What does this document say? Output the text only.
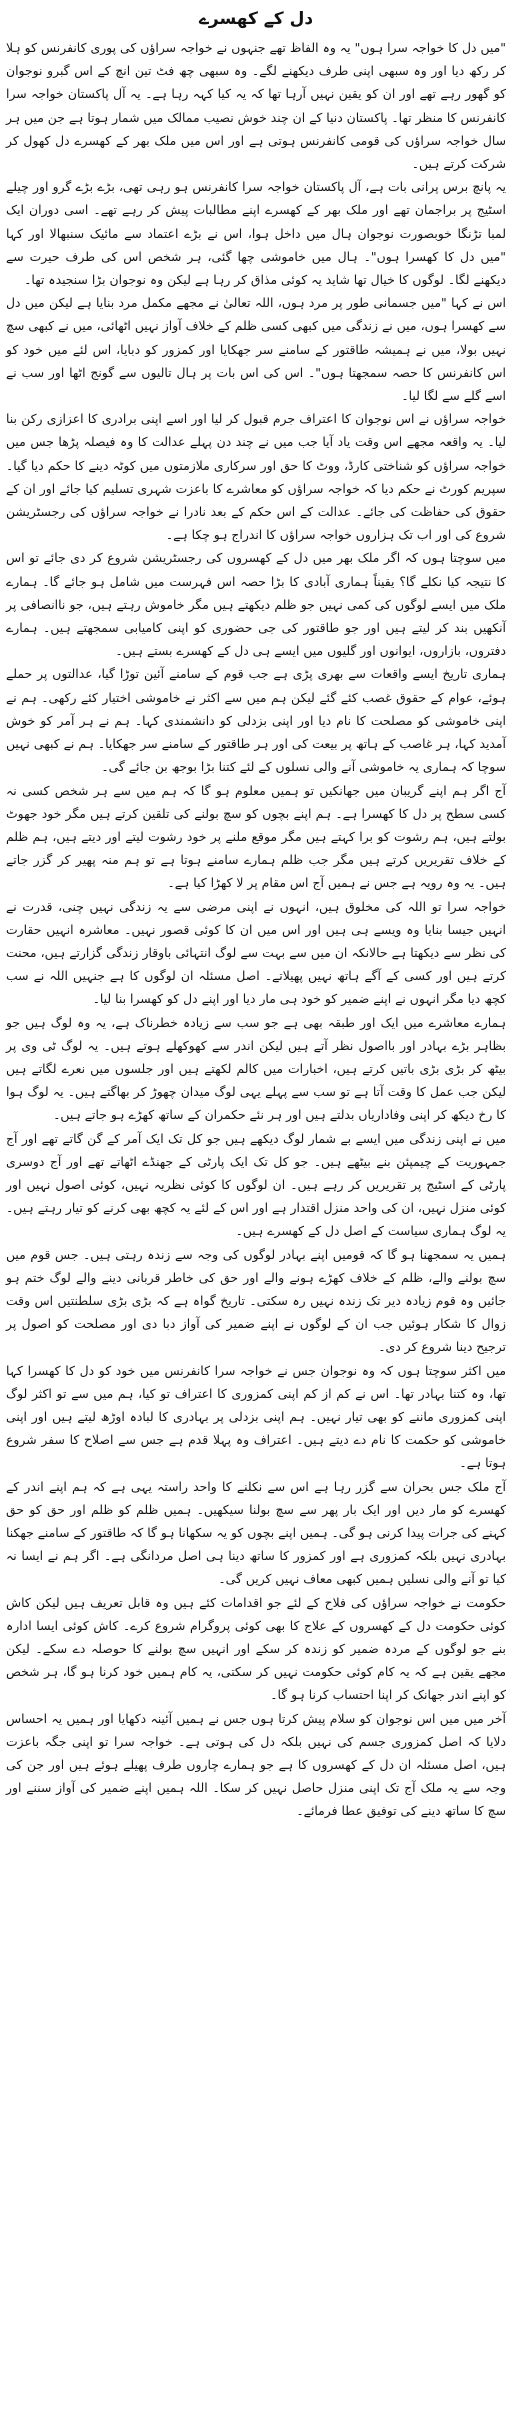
دل کے کھسرے

"میں دل کا خواجہ سرا ہوں" یہ وہ الفاظ تھے جنہوں نے خواجہ سراؤں کی پوری کانفرنس کو ہلا کر رکھ دیا اور وہ سبھی اپنی طرف دیکھنے لگے۔ وہ سبھی چھ فٹ تین انچ کے اس گبرو نوجوان کو گھور رہے تھے اور ان کو یقین نہیں آرہا تھا کہ یہ کیا کہہ رہا ہے۔ یہ آل پاکستان خواجہ سرا کانفرنس کا منظر تھا۔ پاکستان دنیا کے ان چند خوش نصیب ممالک میں شمار ہوتا ہے جن میں ہر سال خواجہ سراؤں کی قومی کانفرنس ہوتی ہے اور اس میں ملک بھر کے کھسرے دل کھول کر شرکت کرتے ہیں۔

یہ پانچ برس پرانی بات ہے، آل پاکستان خواجہ سرا کانفرنس ہو رہی تھی، بڑے بڑے گرو اور چیلے اسٹیج پر براجمان تھے اور ملک بھر کے کھسرے اپنے مطالبات پیش کر رہے تھے۔ اسی دوران ایک لمبا تڑنگا خوبصورت نوجوان ہال میں داخل ہوا، اس نے بڑے اعتماد سے مائیک سنبھالا اور کہا "میں دل کا کھسرا ہوں"۔ ہال میں خاموشی چھا گئی، ہر شخص اس کی طرف حیرت سے دیکھنے لگا۔ لوگوں کا خیال تھا شاید یہ کوئی مذاق کر رہا ہے لیکن وہ نوجوان بڑا سنجیدہ تھا۔

اس نے کہا "میں جسمانی طور پر مرد ہوں، اللہ تعالیٰ نے مجھے مکمل مرد بنایا ہے لیکن میں دل سے کھسرا ہوں، میں نے زندگی میں کبھی کسی ظلم کے خلاف آواز نہیں اٹھائی، میں نے کبھی سچ نہیں بولا، میں نے ہمیشہ طاقتور کے سامنے سر جھکایا اور کمزور کو دبایا، اس لئے میں خود کو اس کانفرنس کا حصہ سمجھتا ہوں"۔ اس کی اس بات پر ہال تالیوں سے گونج اٹھا اور سب نے اسے گلے سے لگا لیا۔

خواجہ سراؤں نے اس نوجوان کا اعتراف جرم قبول کر لیا اور اسے اپنی برادری کا اعزازی رکن بنا لیا۔ یہ واقعہ مجھے اس وقت یاد آیا جب میں نے چند دن پہلے عدالت کا وہ فیصلہ پڑھا جس میں خواجہ سراؤں کو شناختی کارڈ، ووٹ کا حق اور سرکاری ملازمتوں میں کوٹہ دینے کا حکم دیا گیا۔ سپریم کورٹ نے حکم دیا کہ خواجہ سراؤں کو معاشرے کا باعزت شہری تسلیم کیا جائے اور ان کے حقوق کی حفاظت کی جائے۔ عدالت کے اس حکم کے بعد نادرا نے خواجہ سراؤں کی رجسٹریشن شروع کی اور اب تک ہزاروں خواجہ سراؤں کا اندراج ہو چکا ہے۔

میں سوچتا ہوں کہ اگر ملک بھر میں دل کے کھسروں کی رجسٹریشن شروع کر دی جائے تو اس کا نتیجہ کیا نکلے گا؟ یقیناً ہماری آبادی کا بڑا حصہ اس فہرست میں شامل ہو جائے گا۔ ہمارے ملک میں ایسے لوگوں کی کمی نہیں جو ظلم دیکھتے ہیں مگر خاموش رہتے ہیں، جو ناانصافی پر آنکھیں بند کر لیتے ہیں اور جو طاقتور کی جی حضوری کو اپنی کامیابی سمجھتے ہیں۔ ہمارے دفتروں، بازاروں، ایوانوں اور گلیوں میں ایسے ہی دل کے کھسرے بستے ہیں۔

ہماری تاریخ ایسے واقعات سے بھری پڑی ہے جب قوم کے سامنے آئین توڑا گیا، عدالتوں پر حملے ہوئے، عوام کے حقوق غصب کئے گئے لیکن ہم میں سے اکثر نے خاموشی اختیار کئے رکھی۔ ہم نے اپنی خاموشی کو مصلحت کا نام دیا اور اپنی بزدلی کو دانشمندی کہا۔ ہم نے ہر آمر کو خوش آمدید کہا، ہر غاصب کے ہاتھ پر بیعت کی اور ہر طاقتور کے سامنے سر جھکایا۔ ہم نے کبھی نہیں سوچا کہ ہماری یہ خاموشی آنے والی نسلوں کے لئے کتنا بڑا بوجھ بن جائے گی۔

آج اگر ہم اپنے گریبان میں جھانکیں تو ہمیں معلوم ہو گا کہ ہم میں سے ہر شخص کسی نہ کسی سطح پر دل کا کھسرا ہے۔ ہم اپنے بچوں کو سچ بولنے کی تلقین کرتے ہیں مگر خود جھوٹ بولتے ہیں، ہم رشوت کو برا کہتے ہیں مگر موقع ملنے پر خود رشوت لیتے اور دیتے ہیں، ہم ظلم کے خلاف تقریریں کرتے ہیں مگر جب ظلم ہمارے سامنے ہوتا ہے تو ہم منہ پھیر کر گزر جاتے ہیں۔ یہ وہ رویہ ہے جس نے ہمیں آج اس مقام پر لا کھڑا کیا ہے۔

خواجہ سرا تو اللہ کی مخلوق ہیں، انہوں نے اپنی مرضی سے یہ زندگی نہیں چنی، قدرت نے انہیں جیسا بنایا وہ ویسے ہی ہیں اور اس میں ان کا کوئی قصور نہیں۔ معاشرہ انہیں حقارت کی نظر سے دیکھتا ہے حالانکہ ان میں سے بہت سے لوگ انتہائی باوقار زندگی گزارتے ہیں، محنت کرتے ہیں اور کسی کے آگے ہاتھ نہیں پھیلاتے۔ اصل مسئلہ ان لوگوں کا ہے جنہیں اللہ نے سب کچھ دیا مگر انہوں نے اپنے ضمیر کو خود ہی مار دیا اور اپنے دل کو کھسرا بنا لیا۔

ہمارے معاشرے میں ایک اور طبقہ بھی ہے جو سب سے زیادہ خطرناک ہے، یہ وہ لوگ ہیں جو بظاہر بڑے بہادر اور بااصول نظر آتے ہیں لیکن اندر سے کھوکھلے ہوتے ہیں۔ یہ لوگ ٹی وی پر بیٹھ کر بڑی بڑی باتیں کرتے ہیں، اخبارات میں کالم لکھتے ہیں اور جلسوں میں نعرے لگاتے ہیں لیکن جب عمل کا وقت آتا ہے تو سب سے پہلے یہی لوگ میدان چھوڑ کر بھاگتے ہیں۔ یہ لوگ ہوا کا رخ دیکھ کر اپنی وفاداریاں بدلتے ہیں اور ہر نئے حکمران کے ساتھ کھڑے ہو جاتے ہیں۔

میں نے اپنی زندگی میں ایسے بے شمار لوگ دیکھے ہیں جو کل تک ایک آمر کے گن گاتے تھے اور آج جمہوریت کے چیمپئن بنے بیٹھے ہیں۔ جو کل تک ایک پارٹی کے جھنڈے اٹھاتے تھے اور آج دوسری پارٹی کے اسٹیج پر تقریریں کر رہے ہیں۔ ان لوگوں کا کوئی نظریہ نہیں، کوئی اصول نہیں اور کوئی منزل نہیں، ان کی واحد منزل اقتدار ہے اور اس کے لئے یہ کچھ بھی کرنے کو تیار رہتے ہیں۔ یہ لوگ ہماری سیاست کے اصل دل کے کھسرے ہیں۔

ہمیں یہ سمجھنا ہو گا کہ قومیں اپنے بہادر لوگوں کی وجہ سے زندہ رہتی ہیں۔ جس قوم میں سچ بولنے والے، ظلم کے خلاف کھڑے ہونے والے اور حق کی خاطر قربانی دینے والے لوگ ختم ہو جائیں وہ قوم زیادہ دیر تک زندہ نہیں رہ سکتی۔ تاریخ گواہ ہے کہ بڑی بڑی سلطنتیں اس وقت زوال کا شکار ہوئیں جب ان کے لوگوں نے اپنے ضمیر کی آواز دبا دی اور مصلحت کو اصول پر ترجیح دینا شروع کر دی۔

میں اکثر سوچتا ہوں کہ وہ نوجوان جس نے خواجہ سرا کانفرنس میں خود کو دل کا کھسرا کہا تھا، وہ کتنا بہادر تھا۔ اس نے کم از کم اپنی کمزوری کا اعتراف تو کیا، ہم میں سے تو اکثر لوگ اپنی کمزوری ماننے کو بھی تیار نہیں۔ ہم اپنی بزدلی پر بہادری کا لبادہ اوڑھ لیتے ہیں اور اپنی خاموشی کو حکمت کا نام دے دیتے ہیں۔ اعتراف وہ پہلا قدم ہے جس سے اصلاح کا سفر شروع ہوتا ہے۔

آج ملک جس بحران سے گزر رہا ہے اس سے نکلنے کا واحد راستہ یہی ہے کہ ہم اپنے اندر کے کھسرے کو مار دیں اور ایک بار پھر سے سچ بولنا سیکھیں۔ ہمیں ظلم کو ظلم اور حق کو حق کہنے کی جرات پیدا کرنی ہو گی۔ ہمیں اپنے بچوں کو یہ سکھانا ہو گا کہ طاقتور کے سامنے جھکنا بہادری نہیں بلکہ کمزوری ہے اور کمزور کا ساتھ دینا ہی اصل مردانگی ہے۔ اگر ہم نے ایسا نہ کیا تو آنے والی نسلیں ہمیں کبھی معاف نہیں کریں گی۔

حکومت نے خواجہ سراؤں کی فلاح کے لئے جو اقدامات کئے ہیں وہ قابل تعریف ہیں لیکن کاش کوئی حکومت دل کے کھسروں کے علاج کا بھی کوئی پروگرام شروع کرے۔ کاش کوئی ایسا ادارہ بنے جو لوگوں کے مردہ ضمیر کو زندہ کر سکے اور انہیں سچ بولنے کا حوصلہ دے سکے۔ لیکن مجھے یقین ہے کہ یہ کام کوئی حکومت نہیں کر سکتی، یہ کام ہمیں خود کرنا ہو گا، ہر شخص کو اپنے اندر جھانک کر اپنا احتساب کرنا ہو گا۔

آخر میں میں اس نوجوان کو سلام پیش کرتا ہوں جس نے ہمیں آئینہ دکھایا اور ہمیں یہ احساس دلایا کہ اصل کمزوری جسم کی نہیں بلکہ دل کی ہوتی ہے۔ خواجہ سرا تو اپنی جگہ باعزت ہیں، اصل مسئلہ ان دل کے کھسروں کا ہے جو ہمارے چاروں طرف پھیلے ہوئے ہیں اور جن کی وجہ سے یہ ملک آج تک اپنی منزل حاصل نہیں کر سکا۔ اللہ ہمیں اپنے ضمیر کی آواز سننے اور سچ کا ساتھ دینے کی توفیق عطا فرمائے۔
